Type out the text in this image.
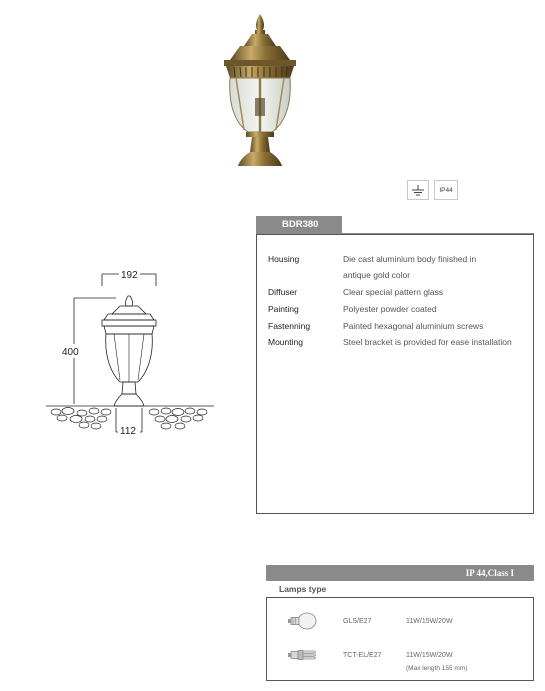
IP44
192
400
112
BDR380
Housing	Die cast aluminium body finished in
antique gold color
Diffuser	Clear special pattern glass
Painting	Polyester powder coated
Fastenning	Painted hexagonal aluminium screws
Mounting	Steel bracket is provided for ease installation
IP 44,Class I
Lamps type
GLS/E27	11W/15W/20W
TCT-EL/E27	11W/15W/20W
(Max length 155 mm)
